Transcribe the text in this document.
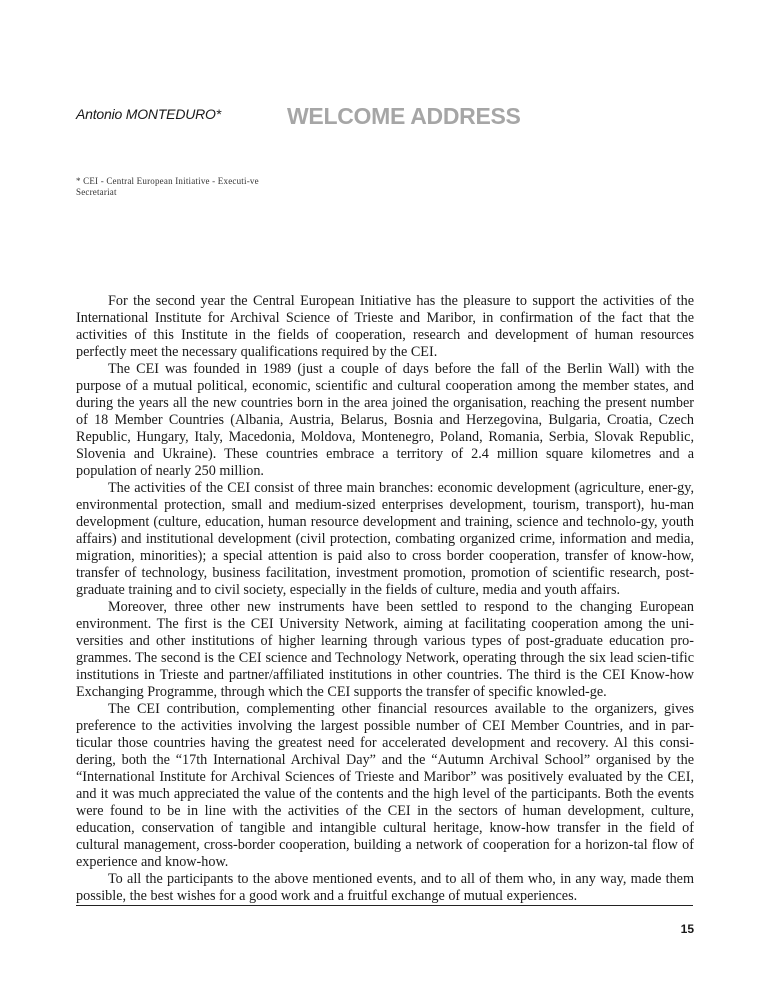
Antonio MONTEDURO*	WELCOME ADDRESS

* CEI - Central European Initiative - Executi-ve Secretariat

For the second year the Central European Initiative has the pleasure to support the activities of the International Institute for Archival Science of Trieste and Maribor, in confirmation of the fact that the activities of this Institute in the fields of cooperation, research and development of human resources perfectly meet the necessary qualifications required by the CEI.

The CEI was founded in 1989 (just a couple of days before the fall of the Berlin Wall) with the purpose of a mutual political, economic, scientific and cultural cooperation among the member states, and during the years all the new countries born in the area joined the organisation, reaching the present number of 18 Member Countries (Albania, Austria, Belarus, Bosnia and Herzegovina, Bulgaria, Croatia, Czech Republic, Hungary, Italy, Macedonia, Moldova, Montenegro, Poland, Romania, Serbia, Slovak Republic, Slovenia and Ukraine). These countries embrace a territory of 2.4 million square kilometres and a population of nearly 250 million.

The activities of the CEI consist of three main branches: economic development (agriculture, ener-gy, environmental protection, small and medium-sized enterprises development, tourism, transport), hu-man development (culture, education, human resource development and training, science and technolo-gy, youth affairs) and institutional development (civil protection, combating organized crime, information and media, migration, minorities); a special attention is paid also to cross border cooperation, transfer of know-how, transfer of technology, business facilitation, investment promotion, promotion of scientific research, post-graduate training and to civil society, especially in the fields of culture, media and youth affairs.

Moreover, three other new instruments have been settled to respond to the changing European environment. The first is the CEI University Network, aiming at facilitating cooperation among the uni-versities and other institutions of higher learning through various types of post-graduate education pro-grammes. The second is the CEI science and Technology Network, operating through the six lead scien-tific institutions in Trieste and partner/affiliated institutions in other countries. The third is the CEI Know-how Exchanging Programme, through which the CEI supports the transfer of specific knowled-ge.

The CEI contribution, complementing other financial resources available to the organizers, gives preference to the activities involving the largest possible number of CEI Member Countries, and in par-ticular those countries having the greatest need for accelerated development and recovery. Al this consi-dering, both the “17th International Archival Day” and the “Autumn Archival School” organised by the “International Institute for Archival Sciences of Trieste and Maribor” was positively evaluated by the CEI, and it was much appreciated the value of the contents and the high level of the participants. Both the events were found to be in line with the activities of the CEI in the sectors of human development, culture, education, conservation of tangible and intangible cultural heritage, know-how transfer in the field of cultural management, cross-border cooperation, building a network of cooperation for a horizon-tal flow of experience and know-how.

To all the participants to the above mentioned events, and to all of them who, in any way, made them possible, the best wishes for a good work and a fruitful exchange of mutual experiences.

15
